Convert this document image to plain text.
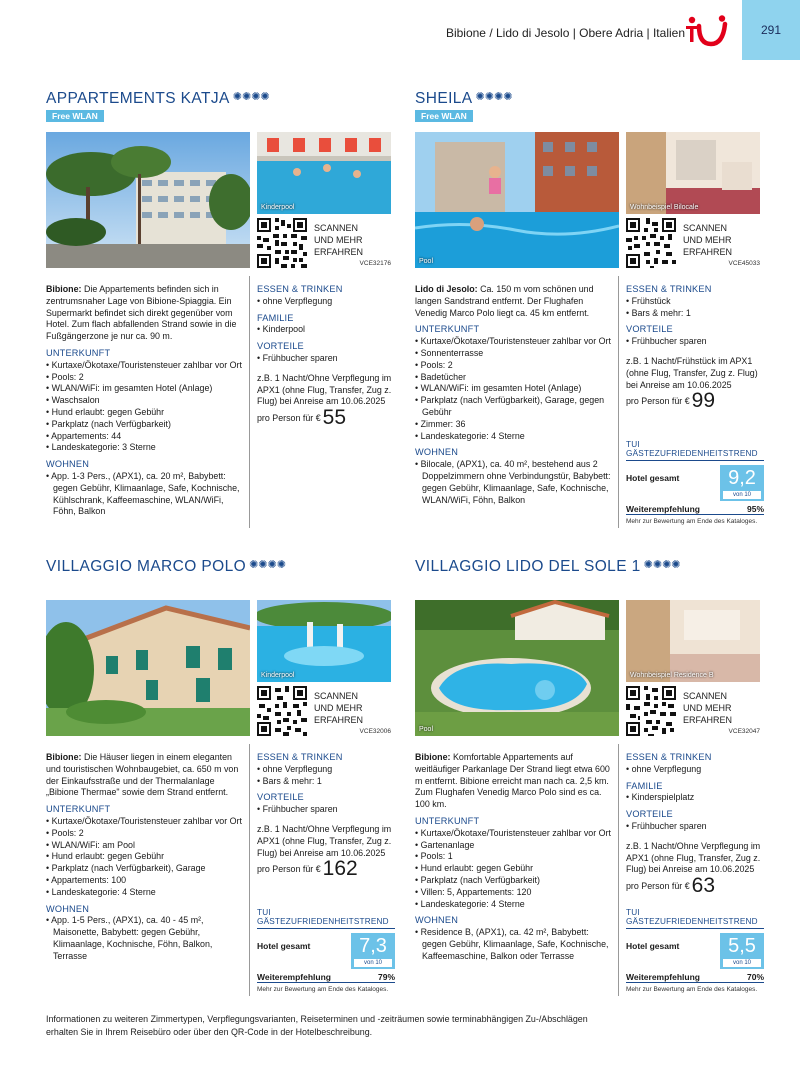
Bibione / Lido di Jesolo | Obere Adria | Italien	291
APPARTEMENTS KATJA ✺✺✺✺
Free WLAN
Kinderpool
SCANNEN
UND MEHR
ERFAHREN
VCE32176
Bibione: Die Appartements befinden sich in zentrumsnaher Lage von Bibione-Spiaggia. Ein Supermarkt befindet sich direkt gegenüber vom Hotel. Zum flach abfallenden Strand sowie in die Fußgängerzone je nur ca. 90 m.
UNTERKUNFT
• Kurtaxe/Ökotaxe/Touristensteuer zahlbar vor Ort
• Pools: 2
• WLAN/WiFi: im gesamten Hotel (Anlage)
• Waschsalon
• Hund erlaubt: gegen Gebühr
• Parkplatz (nach Verfügbarkeit)
• Appartements: 44
• Landeskategorie: 3 Sterne
WOHNEN
• App. 1-3 Pers., (APX1), ca. 20 m², Babybett: gegen Gebühr, Klimaanlage, Safe, Kochnische, Kühlschrank, Kaffeemaschine, WLAN/WiFi, Föhn, Balkon
ESSEN & TRINKEN
• ohne Verpflegung
FAMILIE
• Kinderpool
VORTEILE
• Frühbucher sparen
z.B. 1 Nacht/Ohne Verpflegung im APX1 (ohne Flug, Transfer, Zug z. Flug) bei Anreise am 10.06.2025
pro Person für €55
SHEILA ✺✺✺✺
Free WLAN
Pool
Wohnbeispiel Bilocale
SCANNEN
UND MEHR
ERFAHREN
VCE45033
Lido di Jesolo: Ca. 150 m vom schönen und langen Sandstrand entfernt. Der Flughafen Venedig Marco Polo liegt ca. 45 km entfernt.
UNTERKUNFT
• Kurtaxe/Ökotaxe/Touristensteuer zahlbar vor Ort
• Sonnenterrasse
• Pools: 2
• Badetücher
• WLAN/WiFi: im gesamten Hotel (Anlage)
• Parkplatz (nach Verfügbarkeit), Garage, gegen Gebühr
• Zimmer: 36
• Landeskategorie: 4 Sterne
WOHNEN
• Bilocale, (APX1), ca. 40 m², bestehend aus 2 Doppelzimmern ohne Verbindungstür, Babybett: gegen Gebühr, Klimaanlage, Safe, Kochnische, WLAN/WiFi, Föhn, Balkon
ESSEN & TRINKEN
• Frühstück
• Bars & mehr: 1
VORTEILE
• Frühbucher sparen
z.B. 1 Nacht/Frühstück im APX1 (ohne Flug, Transfer, Zug z. Flug) bei Anreise am 10.06.2025
pro Person für €99
TUI GÄSTEZUFRIEDENHEITSTREND
Hotel gesamt	9,2
von 10
Weiterempfehlung	95%
Mehr zur Bewertung am Ende des Kataloges.
VILLAGGIO MARCO POLO ✺✺✺✺
Kinderpool
SCANNEN
UND MEHR
ERFAHREN
VCE32006
Bibione: Die Häuser liegen in einem eleganten und touristischen Wohnbaugebiet, ca. 650 m von der Einkaufsstraße und der Thermalanlage „Bibione Thermae" sowie dem Strand entfernt.
UNTERKUNFT
• Kurtaxe/Ökotaxe/Touristensteuer zahlbar vor Ort
• Pools: 2
• WLAN/WiFi: am Pool
• Hund erlaubt: gegen Gebühr
• Parkplatz (nach Verfügbarkeit), Garage
• Appartements: 100
• Landeskategorie: 4 Sterne
WOHNEN
• App. 1-5 Pers., (APX1), ca. 40 - 45 m², Maisonette, Babybett: gegen Gebühr, Klimaanlage, Kochnische, Föhn, Balkon, Terrasse
ESSEN & TRINKEN
• ohne Verpflegung
• Bars & mehr: 1
VORTEILE
• Frühbucher sparen
z.B. 1 Nacht/Ohne Verpflegung im APX1 (ohne Flug, Transfer, Zug z. Flug) bei Anreise am 10.06.2025
pro Person für €162
TUI GÄSTEZUFRIEDENHEITSTREND
Hotel gesamt	7,3
von 10
Weiterempfehlung	79%
Mehr zur Bewertung am Ende des Kataloges.
VILLAGGIO LIDO DEL SOLE 1 ✺✺✺✺
Pool
Wohnbeispiel Residence B
SCANNEN
UND MEHR
ERFAHREN
VCE32047
Bibione: Komfortable Appartements auf weitläufiger Parkanlage Der Strand liegt etwa 600 m entfernt. Bibione erreicht man nach ca. 2,5 km. Zum Flughafen Venedig Marco Polo sind es ca. 100 km.
UNTERKUNFT
• Kurtaxe/Ökotaxe/Touristensteuer zahlbar vor Ort
• Gartenanlage
• Pools: 1
• Hund erlaubt: gegen Gebühr
• Parkplatz (nach Verfügbarkeit)
• Villen: 5, Appartements: 120
• Landeskategorie: 4 Sterne
WOHNEN
• Residence B, (APX1), ca. 42 m², Babybett: gegen Gebühr, Klimaanlage, Safe, Kochnische, Kaffeemaschine, Balkon oder Terrasse
ESSEN & TRINKEN
• ohne Verpflegung
FAMILIE
• Kinderspielplatz
VORTEILE
• Frühbucher sparen
z.B. 1 Nacht/Ohne Verpflegung im APX1 (ohne Flug, Transfer, Zug z. Flug) bei Anreise am 10.06.2025
pro Person für €63
TUI GÄSTEZUFRIEDENHEITSTREND
Hotel gesamt	5,5
von 10
Weiterempfehlung	70%
Mehr zur Bewertung am Ende des Kataloges.
Informationen zu weiteren Zimmertypen, Verpflegungsvarianten, Reiseterminen und -zeiträumen sowie terminabhängigen Zu-/Abschlägen erhalten Sie in Ihrem Reisebüro oder über den QR-Code in der Hotelbeschreibung.
